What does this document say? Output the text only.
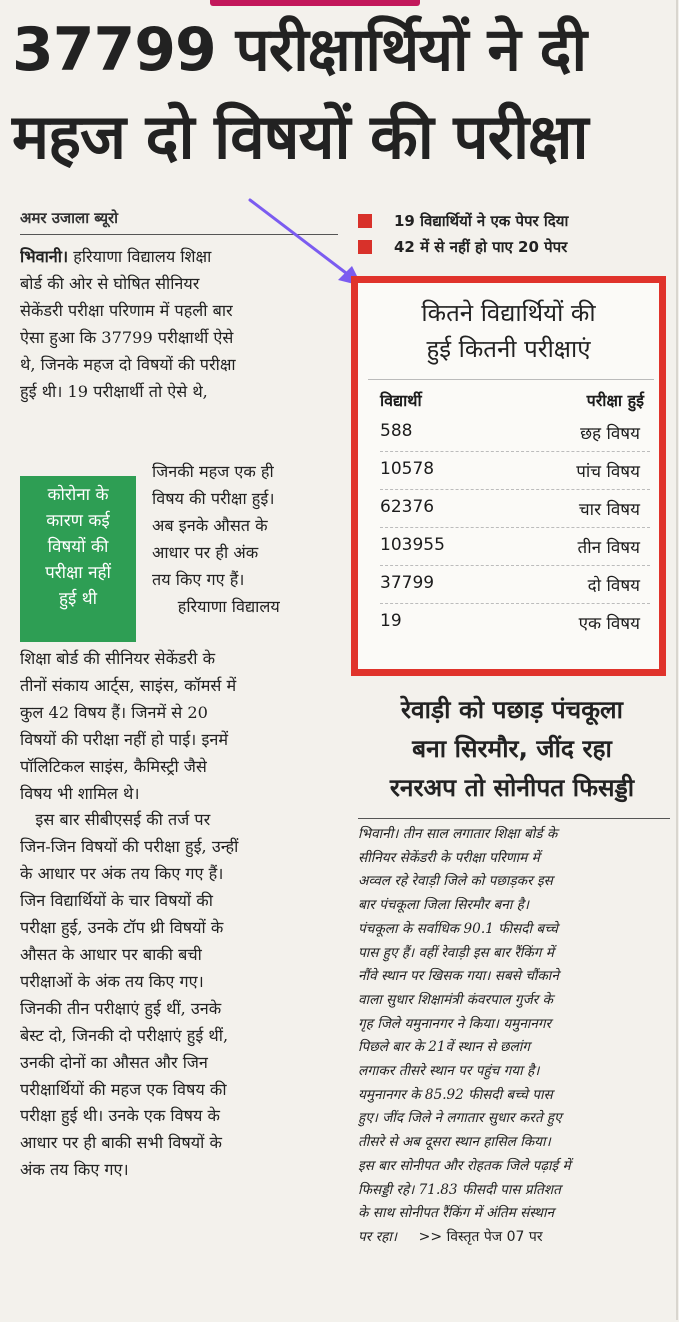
37799 परीक्षार्थियों ने दी
महज दो विषयों की परीक्षा
अमर उजाला ब्यूरो	19 विद्यार्थियों ने एक पेपर दिया
42 में से नहीं हो पाए 20 पेपर
भिवानी। हरियाणा विद्यालय शिक्षा
बोर्ड की ओर से घोषित सीनियर
सेकेंडरी परीक्षा परिणाम में पहली बार
ऐसा हुआ कि 37799 परीक्षार्थी ऐसे
थे, जिनके महज दो विषयों की परीक्षा
हुई थी। 19 परीक्षार्थी तो ऐसे थे,
कोरोना के
कारण कई
विषयों की
परीक्षा नहीं
हुई थी
जिनकी महज एक ही
विषय की परीक्षा हुई।
अब इनके औसत के
आधार पर ही अंक
तय किए गए हैं।
हरियाणा विद्यालय
शिक्षा बोर्ड की सीनियर सेकेंडरी के
तीनों संकाय आर्ट्स, साइंस, कॉमर्स में
कुल 42 विषय हैं। जिनमें से 20
विषयों की परीक्षा नहीं हो पाई। इनमें
पॉलिटिकल साइंस, कैमिस्ट्री जैसे
विषय भी शामिल थे।
इस बार सीबीएसई की तर्ज पर
जिन-जिन विषयों की परीक्षा हुई, उन्हीं
के आधार पर अंक तय किए गए हैं।
जिन विद्यार्थियों के चार विषयों की
परीक्षा हुई, उनके टॉप थ्री विषयों के
औसत के आधार पर बाकी बची
परीक्षाओं के अंक तय किए गए।
जिनकी तीन परीक्षाएं हुई थीं, उनके
बेस्ट दो, जिनकी दो परीक्षाएं हुई थीं,
उनकी दोनों का औसत और जिन
परीक्षार्थियों की महज एक विषय की
परीक्षा हुई थी। उनके एक विषय के
आधार पर ही बाकी सभी विषयों के
अंक तय किए गए।
कितने विद्यार्थियों की
हुई कितनी परीक्षाएं
विद्यार्थी	परीक्षा हुई
588	छह विषय
10578	पांच विषय
62376	चार विषय
103955	तीन विषय
37799	दो विषय
19	एक विषय
रेवाड़ी को पछाड़ पंचकूला
बना सिरमौर, जींद रहा
रनरअप तो सोनीपत फिसड्डी
भिवानी। तीन साल लगातार शिक्षा बोर्ड के
सीनियर सेकेंडरी के परीक्षा परिणाम में
अव्वल रहे रेवाड़ी जिले को पछाड़कर इस
बार पंचकूला जिला सिरमौर बना है।
पंचकूला के सर्वाधिक 90.1 फीसदी बच्चे
पास हुए हैं। वहीं रेवाड़ी इस बार रैंकिंग में
नौंवे स्थान पर खिसक गया। सबसे चौंकाने
वाला सुधार शिक्षामंत्री कंवरपाल गुर्जर के
गृह जिले यमुनानगर ने किया। यमुनानगर
पिछले बार के 21वें स्थान से छलांग
लगाकर तीसरे स्थान पर पहुंच गया है।
यमुनानगर के 85.92 फीसदी बच्चे पास
हुए। जींद जिले ने लगातार सुधार करते हुए
तीसरे से अब दूसरा स्थान हासिल किया।
इस बार सोनीपत और रोहतक जिले पढ़ाई में
फिसड्डी रहे। 71.83 फीसदी पास प्रतिशत
के साथ सोनीपत रैंकिंग में अंतिम संस्थान
पर रहा। >> विस्तृत पेज 07 पर
